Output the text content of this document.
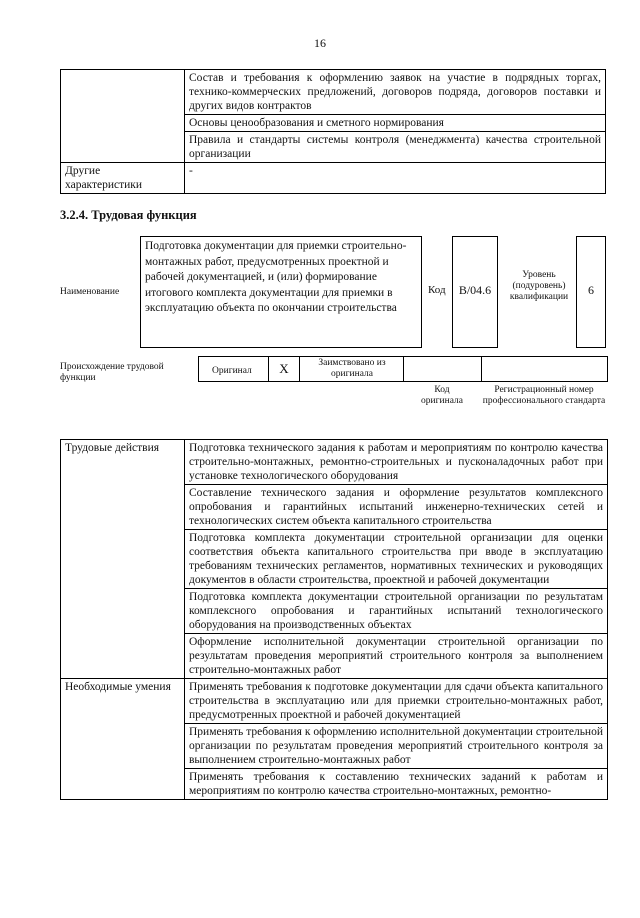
16
	Состав и требования к оформлению заявок на участие в подрядных торгах, технико-коммерческих предложений, договоров подряда, договоров поставки и других видов контрактов
	Основы ценообразования и сметного нормирования
	Правила и стандарты системы контроля (менеджмента) качества строительной организации
Другие характеристики	-
3.2.4. Трудовая функция
Наименование
Подготовка документации для приемки строительно-монтажных работ, предусмотренных проектной и рабочей документацией, и (или) формирование итогового комплекта документации для приемки в эксплуатацию объекта по окончании строительства
Код	B/04.6
Уровень (подуровень) квалификации	6
Происхождение трудовой функции
Оригинал	X	Заимствовано из оригинала
Код оригинала
Регистрационный номер профессионального стандарта
Трудовые действия	Подготовка технического задания к работам и мероприятиям по контролю качества строительно-монтажных, ремонтно-строительных и пусконаладочных работ при установке технологического оборудования
	Составление технического задания и оформление результатов комплексного опробования и гарантийных испытаний инженерно-технических сетей и технологических систем объекта капитального строительства
	Подготовка комплекта документации строительной организации для оценки соответствия объекта капитального строительства при вводе в эксплуатацию требованиям технических регламентов, нормативных технических и руководящих документов в области строительства, проектной и рабочей документации
	Подготовка комплекта документации строительной организации по результатам комплексного опробования и гарантийных испытаний технологического оборудования на производственных объектах
	Оформление исполнительной документации строительной организации по результатам проведения мероприятий строительного контроля за выполнением строительно-монтажных работ
Необходимые умения	Применять требования к подготовке документации для сдачи объекта капитального строительства в эксплуатацию или для приемки строительно-монтажных работ, предусмотренных проектной и рабочей документацией
	Применять требования к оформлению исполнительной документации строительной организации по результатам проведения мероприятий строительного контроля за выполнением строительно-монтажных работ
	Применять требования к составлению технических заданий к работам и мероприятиям по контролю качества строительно-монтажных, ремонтно-
